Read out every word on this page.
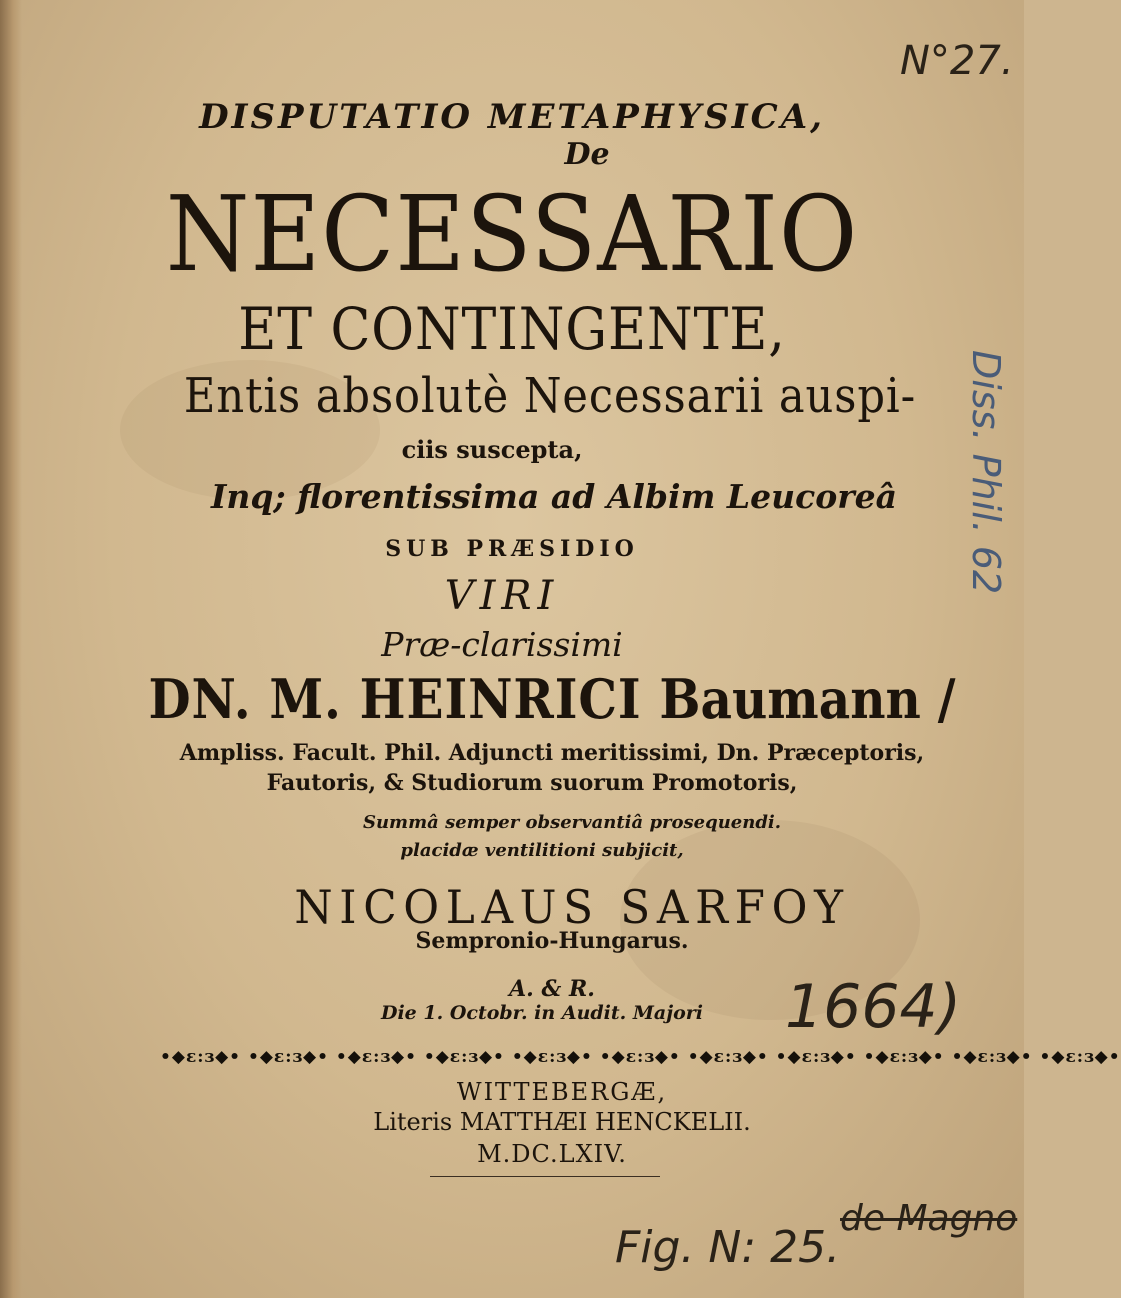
DISPUTATIO METAPHYSICA,
De
NECESSARIO
ET CONTINGENTE,
Entis absolutè Necessarii auspi-
ciis suscepta,
Inq; florentissima ad Albim Leucoreâ
SUB PRÆSIDIO
VIRI
Præ-clarissimi
DN. M. HEINRICI Baumann /
Ampliss. Facult. Phil. Adjuncti meritissimi, Dn. Præceptoris,
Fautoris, & Studiorum suorum Promotoris,
Summâ semper observantiâ prosequendi.
placidæ ventilitioni subjicit,
NICOLAUS SARFOY
Sempronio-Hungarus.
A. & R.
Die 1. Octobr. in Audit. Majori
•◆ε:ɜ◆• •◆ε:ɜ◆• •◆ε:ɜ◆• •◆ε:ɜ◆• •◆ε:ɜ◆• •◆ε:ɜ◆• •◆ε:ɜ◆• •◆ε:ɜ◆• •◆ε:ɜ◆• •◆ε:ɜ◆• •◆ε:ɜ◆•
WITTEBERGÆ,
Literis MATTHÆI HENCKELII.
M.DC.LXIV.
N°27.
1664)
Fig. N: 25.
de Magno
Diss. Phil. 62
